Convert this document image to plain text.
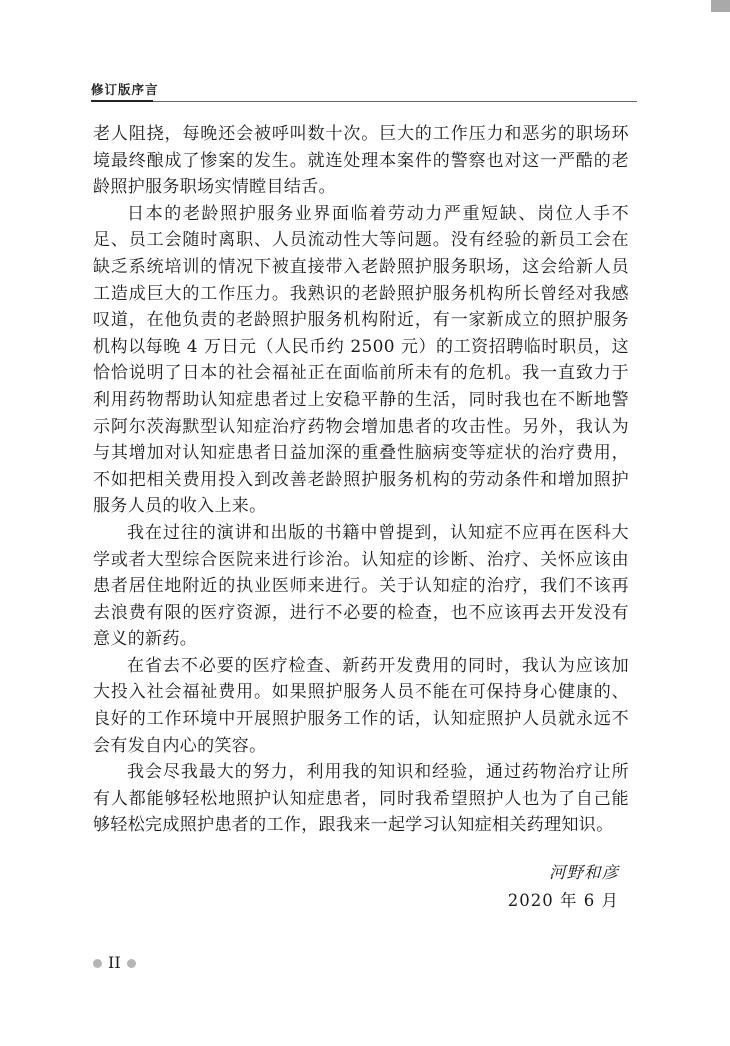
修订版序言

老人阻挠，每晚还会被呼叫数十次。巨大的工作压力和恶劣的职场环境最终酿成了惨案的发生。就连处理本案件的警察也对这一严酷的老龄照护服务职场实情瞠目结舌。

日本的老龄照护服务业界面临着劳动力严重短缺、岗位人手不足、员工会随时离职、人员流动性大等问题。没有经验的新员工会在缺乏系统培训的情况下被直接带入老龄照护服务职场，这会给新人员工造成巨大的工作压力。我熟识的老龄照护服务机构所长曾经对我感叹道，在他负责的老龄照护服务机构附近，有一家新成立的照护服务机构以每晚 4 万日元（人民币约 2500 元）的工资招聘临时职员，这恰恰说明了日本的社会福祉正在面临前所未有的危机。我一直致力于利用药物帮助认知症患者过上安稳平静的生活，同时我也在不断地警示阿尔茨海默型认知症治疗药物会增加患者的攻击性。另外，我认为与其增加对认知症患者日益加深的重叠性脑病变等症状的治疗费用，不如把相关费用投入到改善老龄照护服务机构的劳动条件和增加照护服务人员的收入上来。

我在过往的演讲和出版的书籍中曾提到，认知症不应再在医科大学或者大型综合医院来进行诊治。认知症的诊断、治疗、关怀应该由患者居住地附近的执业医师来进行。关于认知症的治疗，我们不该再去浪费有限的医疗资源，进行不必要的检查，也不应该再去开发没有意义的新药。

在省去不必要的医疗检查、新药开发费用的同时，我认为应该加大投入社会福祉费用。如果照护服务人员不能在可保持身心健康的、良好的工作环境中开展照护服务工作的话，认知症照护人员就永远不会有发自内心的笑容。

我会尽我最大的努力，利用我的知识和经验，通过药物治疗让所有人都能够轻松地照护认知症患者，同时我希望照护人也为了自己能够轻松完成照护患者的工作，跟我来一起学习认知症相关药理知识。

河野和彦
2020 年 6 月
II
